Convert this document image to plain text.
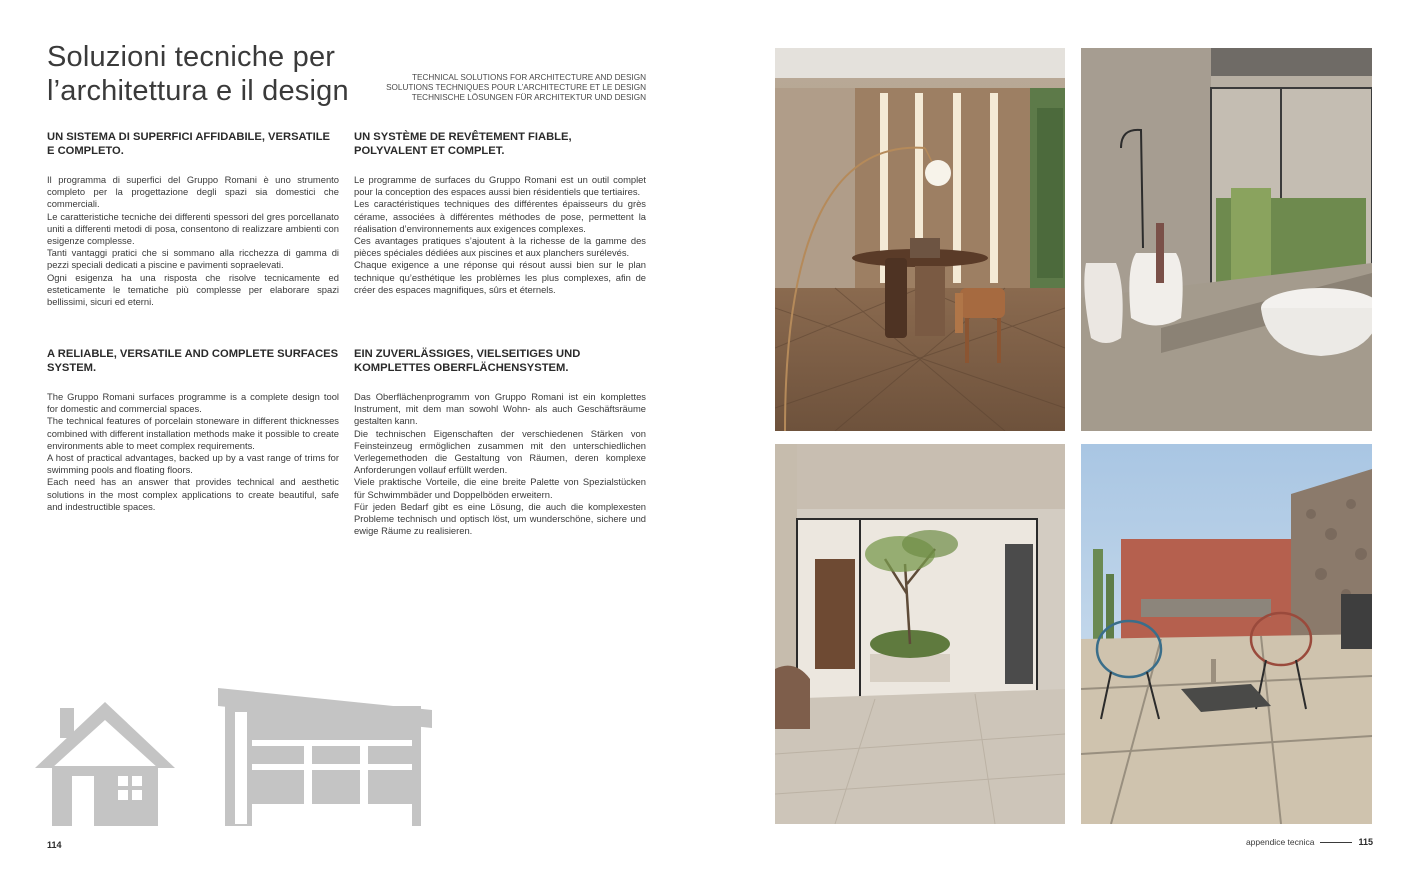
Soluzioni tecniche per
l’architettura e il design	TECHNICAL SOLUTIONS FOR ARCHITECTURE AND DESIGN
SOLUTIONS TECHNIQUES POUR L’ARCHITECTURE ET LE DESIGN
TECHNISCHE LÖSUNGEN FÜR ARCHITEKTUR UND DESIGN
UN SISTEMA DI SUPERFICI AFFIDABILE, VERSATILE E COMPLETO.

Il programma di superfici del Gruppo Romani è uno strumento completo per la progettazione degli spazi sia domestici che commerciali.

Le caratteristiche tecniche dei differenti spessori del gres porcellanato uniti a differenti metodi di posa, consentono di realizzare ambienti con esigenze complesse.

Tanti vantaggi pratici che si sommano alla ricchezza di gamma di pezzi speciali dedicati a piscine e pavimenti sopraelevati.

Ogni esigenza ha una risposta che risolve tecnicamente ed esteticamente le tematiche più complesse per elaborare spazi bellissimi, sicuri ed eterni.

UN SYSTÈME DE REVÊTEMENT FIABLE, POLYVALENT ET COMPLET.

Le programme de surfaces du Gruppo Romani est un outil complet pour la conception des espaces aussi bien résidentiels que tertiaires.

Les caractéristiques techniques des différentes épaisseurs du grès cérame, associées à différentes méthodes de pose, permettent la réalisation d’environnements aux exigences complexes.

Ces avantages pratiques s’ajoutent à la richesse de la gamme des pièces spéciales dédiées aux piscines et aux planchers surélevés.

Chaque exigence a une réponse qui résout aussi bien sur le plan technique qu’esthétique les problèmes les plus complexes, afin de créer des espaces magnifiques, sûrs et éternels.

A RELIABLE, VERSATILE AND COMPLETE SURFACES SYSTEM.

The Gruppo Romani surfaces programme is a complete design tool for domestic and commercial spaces.

The technical features of porcelain stoneware in different thicknesses combined with different installation methods make it possible to create environments able to meet complex requirements.

A host of practical advantages, backed up by a vast range of trims for swimming pools and floating floors.

Each need has an answer that provides technical and aesthetic solutions in the most complex applications to create beautiful, safe and indestructible spaces.

EIN ZUVERLÄSSIGES, VIELSEITIGES UND KOMPLETTES OBERFLÄCHENSYSTEM.

Das Oberflächenprogramm von Gruppo Romani ist ein komplettes Instrument, mit dem man sowohl Wohn- als auch Geschäftsräume gestalten kann.

Die technischen Eigenschaften der verschiedenen Stärken von Feinsteinzeug ermöglichen zusammen mit den unterschiedlichen Verlegemethoden die Gestaltung von Räumen, deren komplexe Anforderungen vollauf erfüllt werden.

Viele praktische Vorteile, die eine breite Palette von Spezialstücken für Schwimmbäder und Doppelböden erweitern.

Für jeden Bedarf gibt es eine Lösung, die auch die komplexesten Probleme technisch und optisch löst, um wunderschöne, sichere und ewige Räume zu realisieren.

114	appendice tecnica	115
